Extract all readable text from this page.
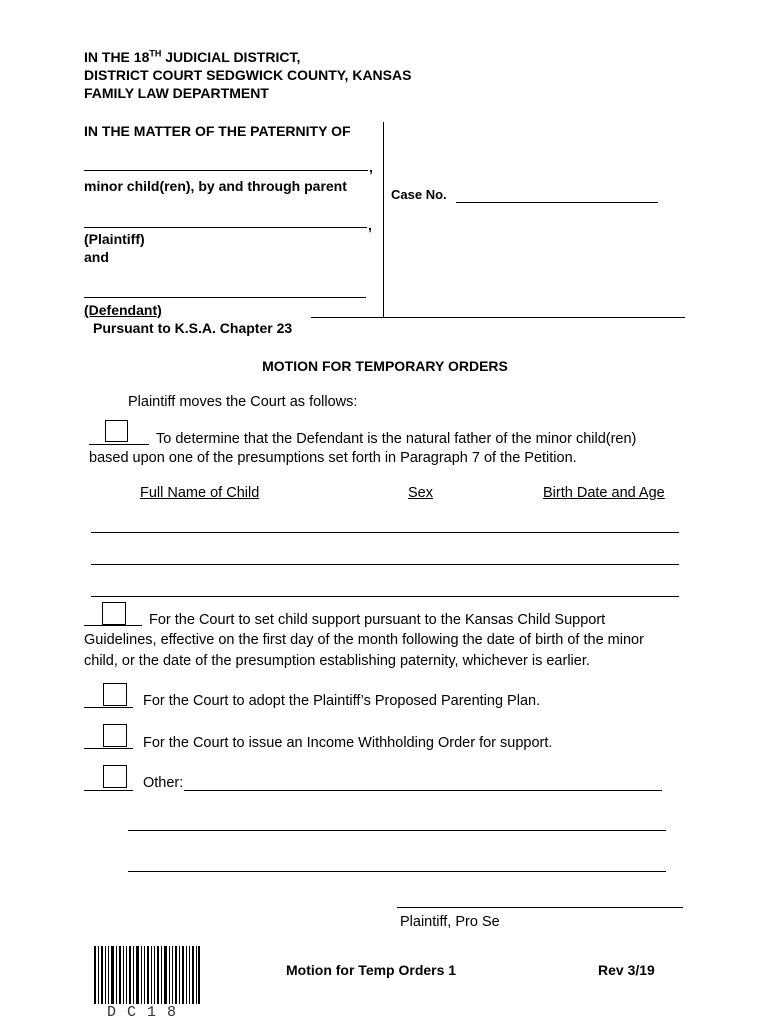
IN THE 18TH JUDICIAL DISTRICT,
DISTRICT COURT SEDGWICK COUNTY, KANSAS
FAMILY LAW DEPARTMENT
IN THE MATTER OF THE PATERNITY OF
,
minor child(ren), by and through parent
,
(Plaintiff)
and
(Defendant)
Pursuant to K.S.A. Chapter 23
Case No.
MOTION FOR TEMPORARY ORDERS
Plaintiff moves the Court as follows:
To determine that the Defendant is the natural father of the minor child(ren)
based upon one of the presumptions set forth in Paragraph 7 of the Petition.
Full Name of Child	Sex	Birth Date and Age
For the Court to set child support pursuant to the Kansas Child Support
Guidelines, effective on the first day of the month following the date of birth of the minor
child, or the date of the presumption establishing paternity, whichever is earlier.
For the Court to adopt the Plaintiff’s Proposed Parenting Plan.
For the Court to issue an Income Withholding Order for support.
Other:
Plaintiff, Pro Se
DC18
Motion for Temp Orders 1	Rev 3/19
